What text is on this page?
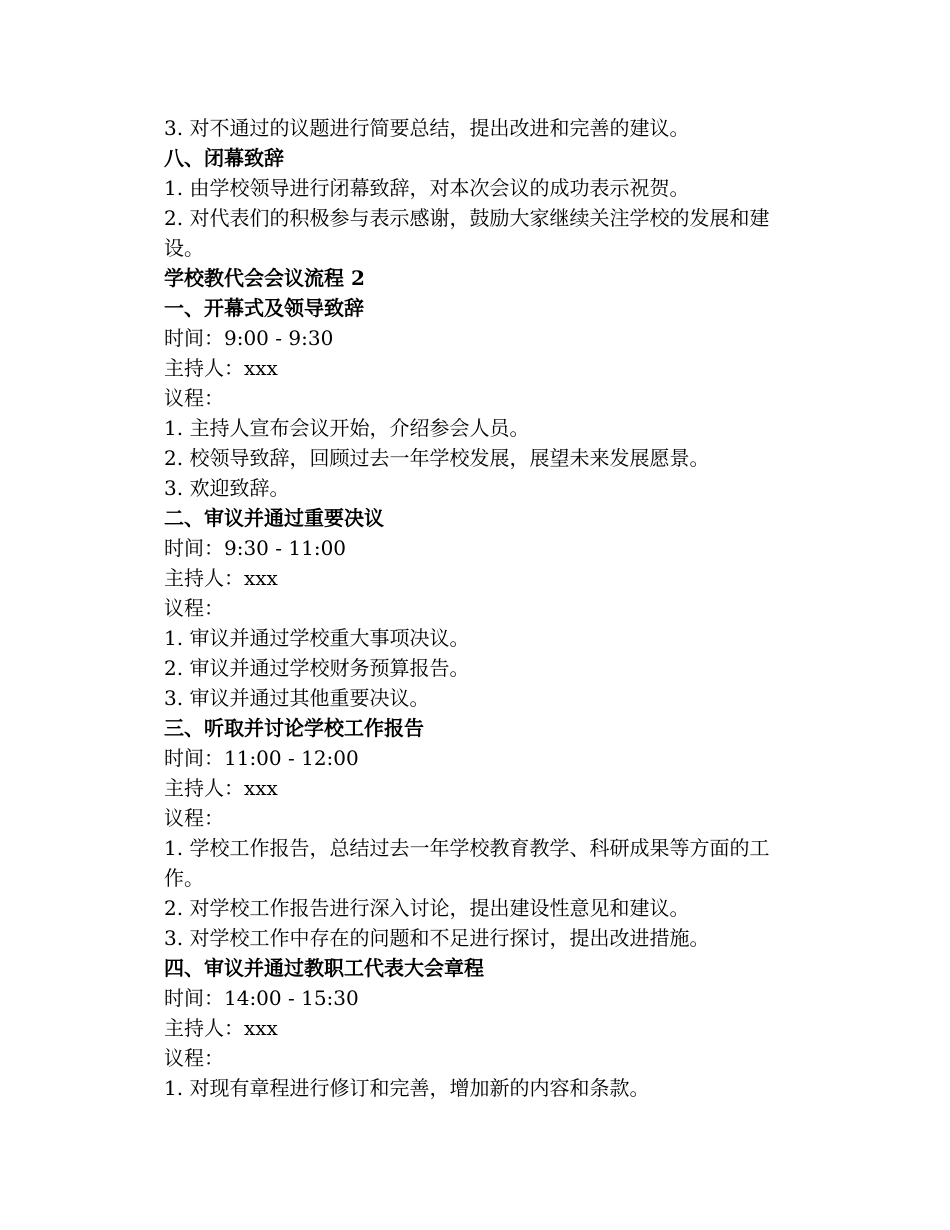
3. 对不通过的议题进行简要总结，提出改进和完善的建议。

八、闭幕致辞

1. 由学校领导进行闭幕致辞，对本次会议的成功表示祝贺。

2. 对代表们的积极参与表示感谢，鼓励大家继续关注学校的发展和建设。

学校教代会会议流程 2

一、开幕式及领导致辞

时间：9:00 - 9:30

主持人：xxx

议程：

1. 主持人宣布会议开始，介绍参会人员。

2. 校领导致辞，回顾过去一年学校发展，展望未来发展愿景。

3. 欢迎致辞。

二、审议并通过重要决议

时间：9:30 - 11:00

主持人：xxx

议程：

1. 审议并通过学校重大事项决议。

2. 审议并通过学校财务预算报告。

3. 审议并通过其他重要决议。

三、听取并讨论学校工作报告

时间：11:00 - 12:00

主持人：xxx

议程：

1. 学校工作报告，总结过去一年学校教育教学、科研成果等方面的工作。

2. 对学校工作报告进行深入讨论，提出建设性意见和建议。

3. 对学校工作中存在的问题和不足进行探讨，提出改进措施。

四、审议并通过教职工代表大会章程

时间：14:00 - 15:30

主持人：xxx

议程：

1. 对现有章程进行修订和完善，增加新的内容和条款。
